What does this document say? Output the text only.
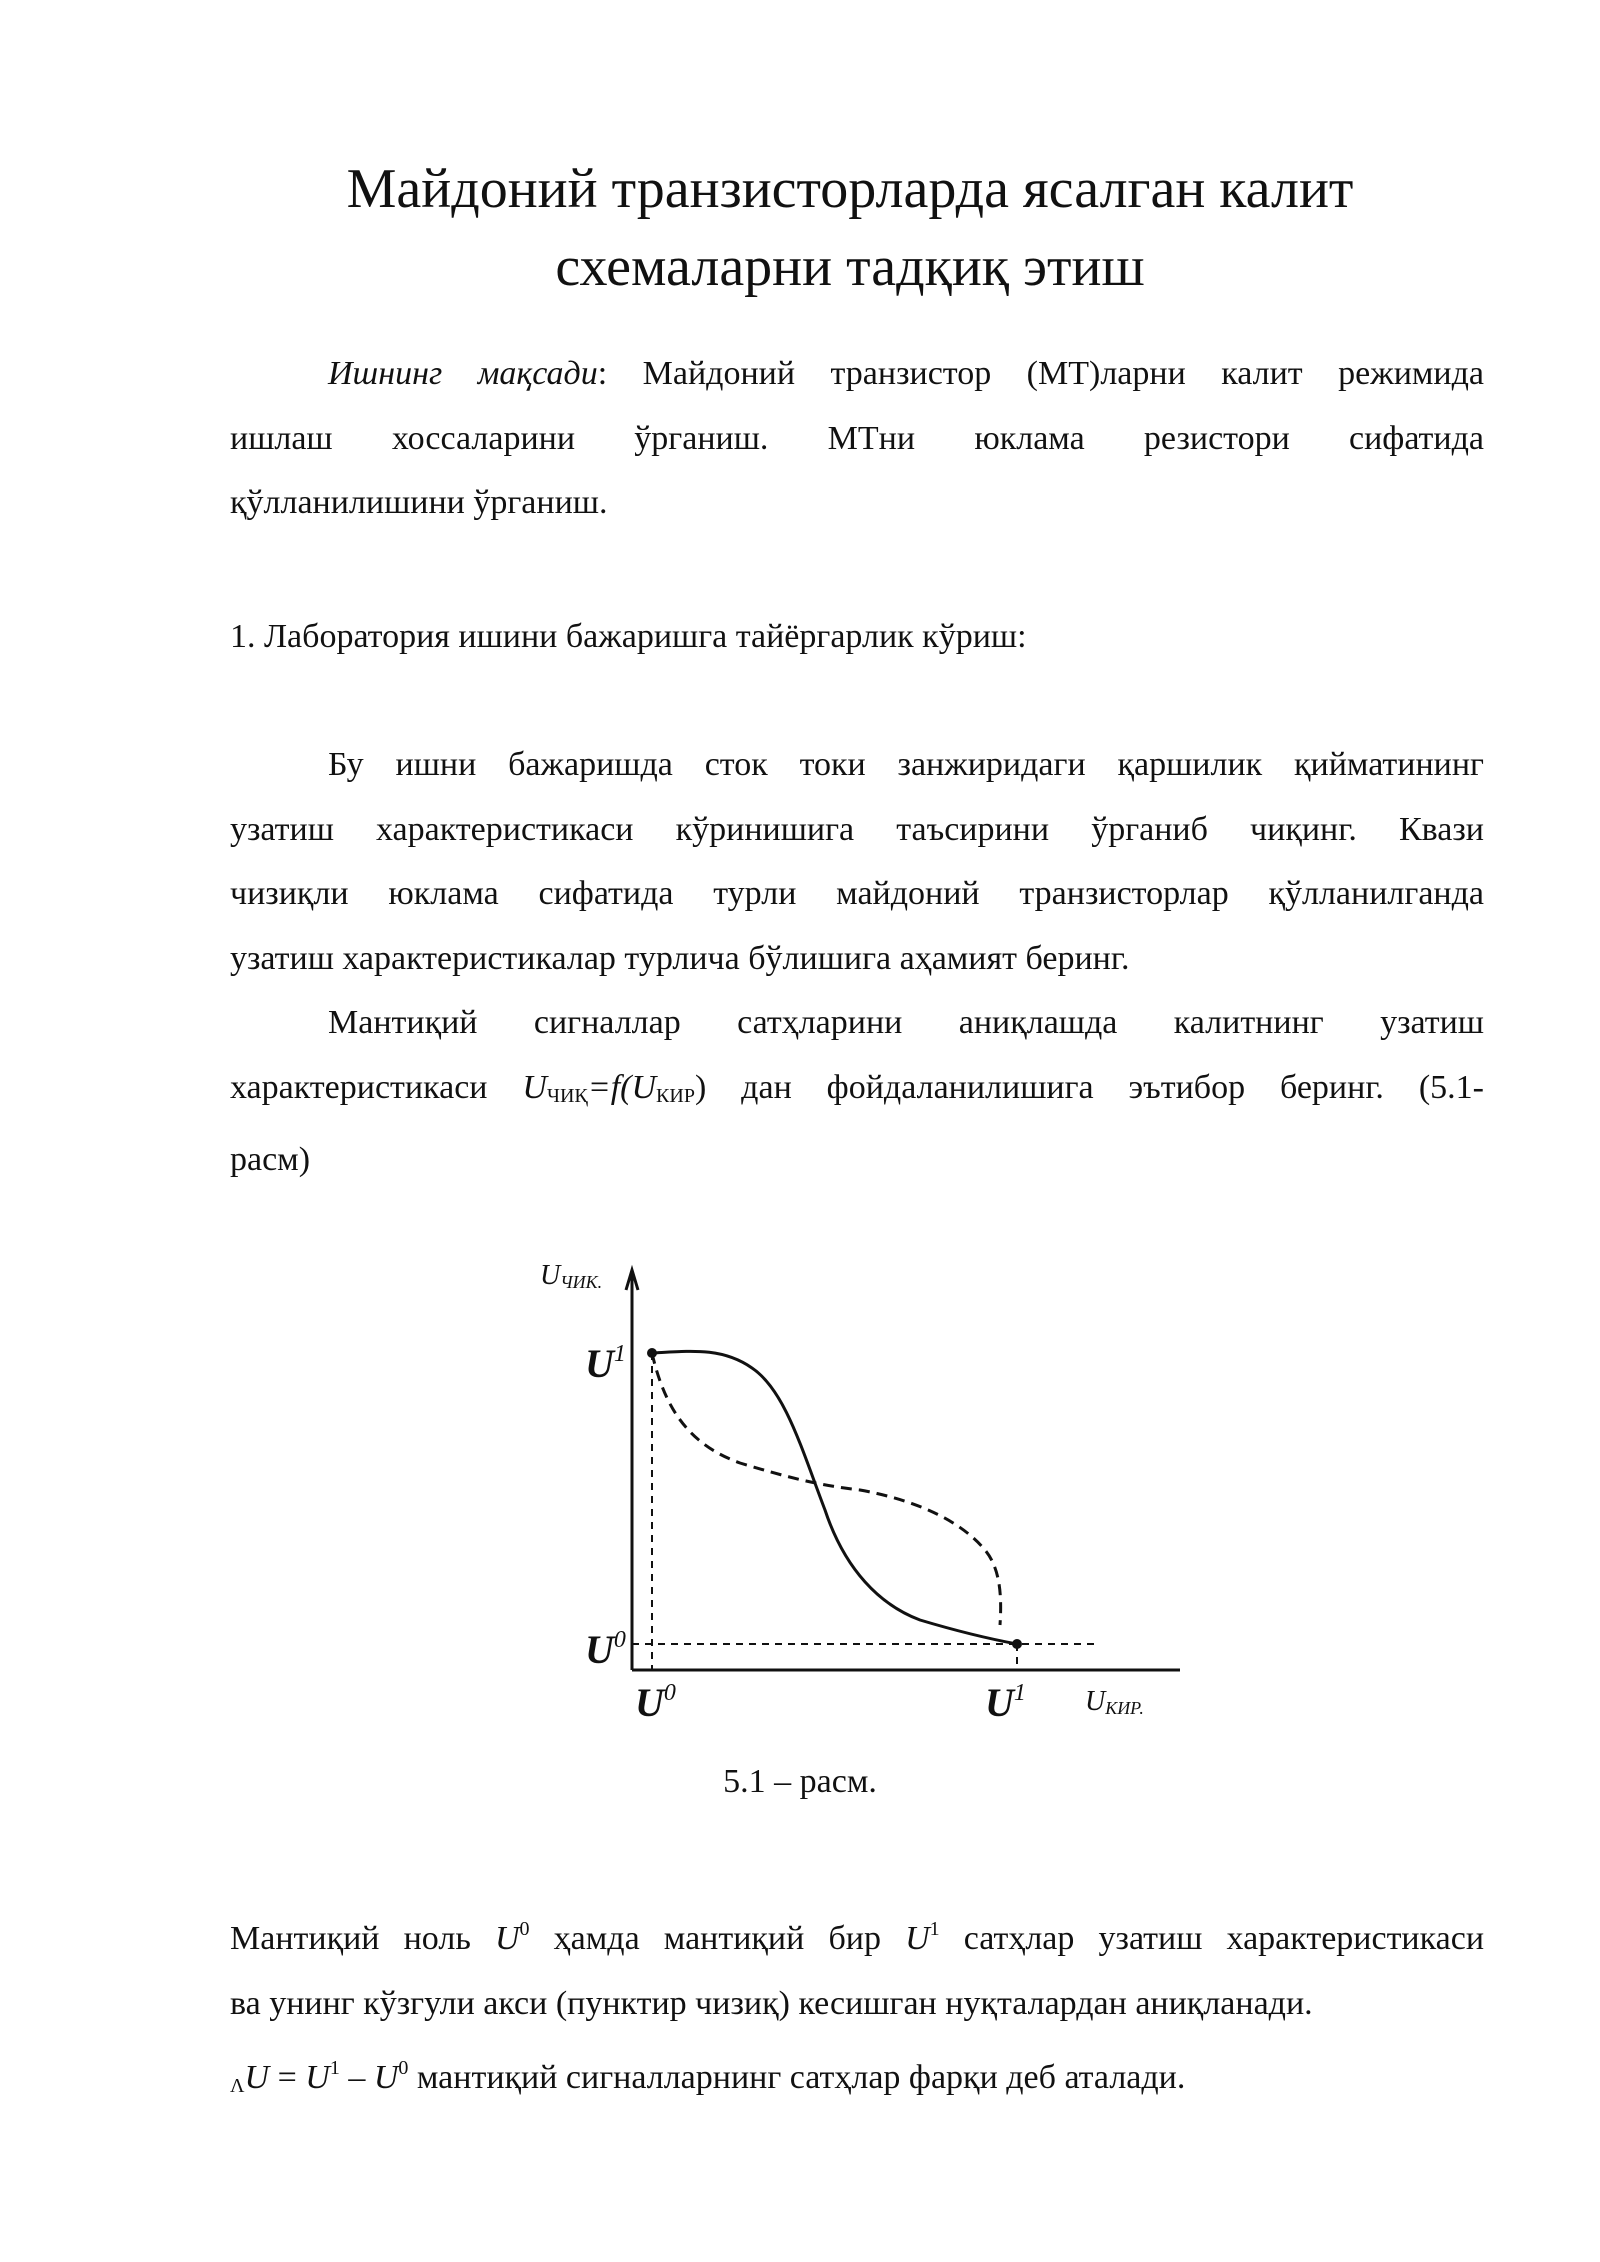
Майдоний транзисторларда ясалган калит
схемаларни тадқиқ этиш
Ишнинг мақсади: Майдоний транзистор (МТ)ларни калит режимида
ишлаш хоссаларини ўрганиш. МТни юклама резистори сифатида
қўлланилишини ўрганиш.
1. Лаборатория ишини бажаришга тайёргарлик кўриш:
Бу ишни бажаришда сток токи занжиридаги қаршилик қийматининг
узатиш характеристикаси кўринишига таъсирини ўрганиб чиқинг. Квази
чизиқли юклама сифатида турли майдоний транзисторлар қўлланилганда
узатиш характеристикалар турлича бўлишига аҳамият беринг.
Мантиқий сигналлар сатҳларини аниқлашда калитнинг узатиш
характеристикаси $U_{ЧИҚ}=f(U_{КИР})$ дан фойдаланилишига эътибор беринг. (5.1-
расм)
UЧИК.
$U^1$
$U^0$
$U^0$	$U^1$ UКИР.
5.1 – расм.
Мантиқий ноль $U^0$ ҳамда мантиқий бир $U^1$ сатҳлар узатиш характеристикаси
ва унинг кўзгули акси (пунктир чизиқ) кесишган нуқталардан аниқланади.
$_\Lambda U = U^1 - U^0$ мантиқий сигналларнинг сатҳлар фарқи деб аталади.
